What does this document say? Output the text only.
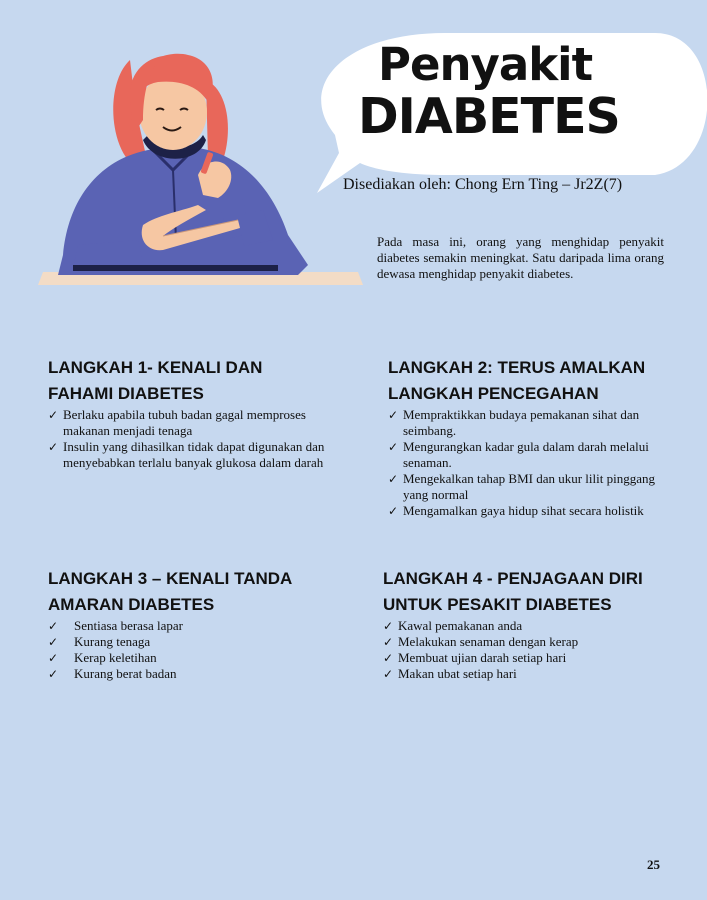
Penyakit
DIABETES
Disediakan oleh: Chong Ern Ting – Jr2Z(7)
Pada masa ini, orang yang menghidap penyakit diabetes semakin meningkat. Satu daripada lima orang dewasa menghidap penyakit diabetes.
LANGKAH 1- KENALI DAN
FAHAMI DIABETES
✓ Berlaku apabila tubuh badan gagal memproses makanan menjadi tenaga
✓ Insulin yang dihasilkan tidak dapat digunakan dan menyebabkan terlalu banyak glukosa dalam darah
LANGKAH 2: TERUS AMALKAN
LANGKAH PENCEGAHAN
✓ Mempraktikkan budaya pemakanan sihat dan seimbang.
✓ Mengurangkan kadar gula dalam darah melalui senaman.
✓ Mengekalkan tahap BMI dan ukur lilit pinggang yang normal
✓ Mengamalkan gaya hidup sihat secara holistik
LANGKAH 3 – KENALI TANDA
AMARAN DIABETES
✓ Sentiasa berasa lapar
✓ Kurang tenaga
✓ Kerap keletihan
✓ Kurang berat badan
LANGKAH 4 - PENJAGAAN DIRI
UNTUK PESAKIT DIABETES
✓ Kawal pemakanan anda
✓ Melakukan senaman dengan kerap
✓ Membuat ujian darah setiap hari
✓ Makan ubat setiap hari
25
